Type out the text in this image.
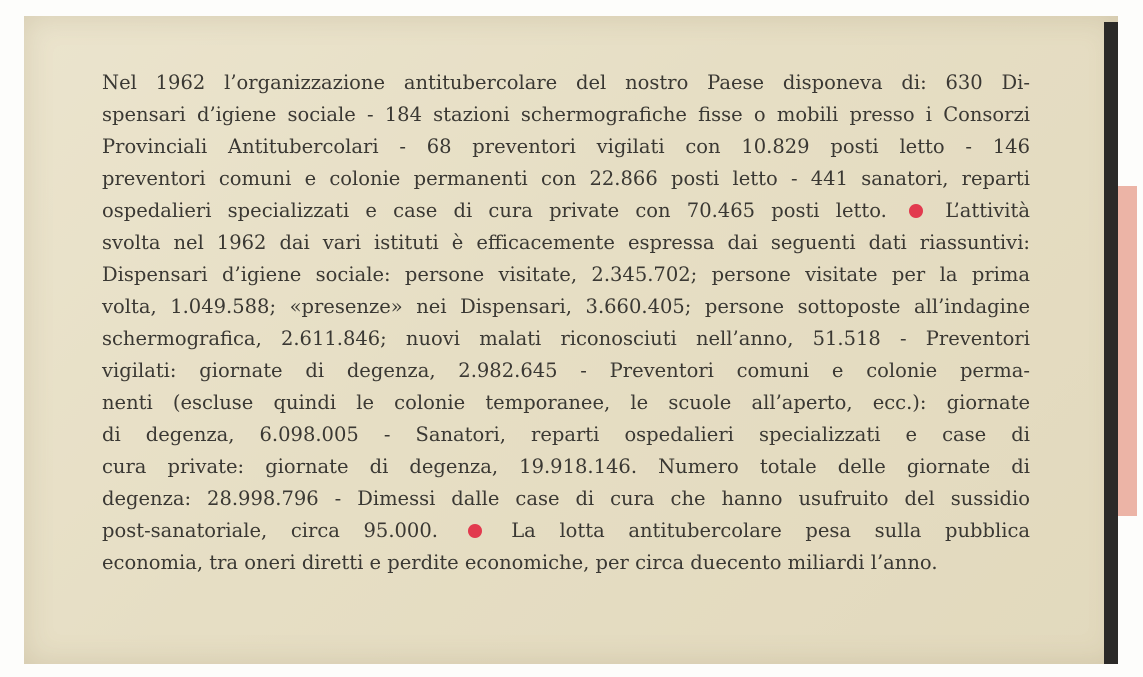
Nel 1962 l’organizzazione antitubercolare del nostro Paese disponeva di: 630 Di-
spensari d’igiene sociale - 184 stazioni schermografiche fisse o mobili presso i Consorzi
Provinciali Antitubercolari - 68 preventori vigilati con 10.829 posti letto - 146
preventori comuni e colonie permanenti con 22.866 posti letto - 441 sanatori, reparti
ospedalieri specializzati e case di cura private con 70.465 posti letto.	L’attività
svolta nel 1962 dai vari istituti è efficacemente espressa dai seguenti dati riassuntivi:
Dispensari d’igiene sociale: persone visitate, 2.345.702; persone visitate per la prima
volta, 1.049.588; «presenze» nei Dispensari, 3.660.405; persone sottoposte all’indagine
schermografica, 2.611.846; nuovi malati riconosciuti nell’anno, 51.518 - Preventori
vigilati: giornate di degenza, 2.982.645 - Preventori comuni e colonie perma-
nenti (escluse quindi le colonie temporanee, le scuole all’aperto, ecc.): giornate
di degenza, 6.098.005 - Sanatori, reparti ospedalieri specializzati e case di
cura private: giornate di degenza, 19.918.146. Numero totale delle giornate di
degenza: 28.998.796 - Dimessi dalle case di cura che hanno usufruito del sussidio
post-sanatoriale, circa 95.000.	La lotta antitubercolare pesa sulla pubblica
economia, tra oneri diretti e perdite economiche, per circa duecento miliardi l’anno.
